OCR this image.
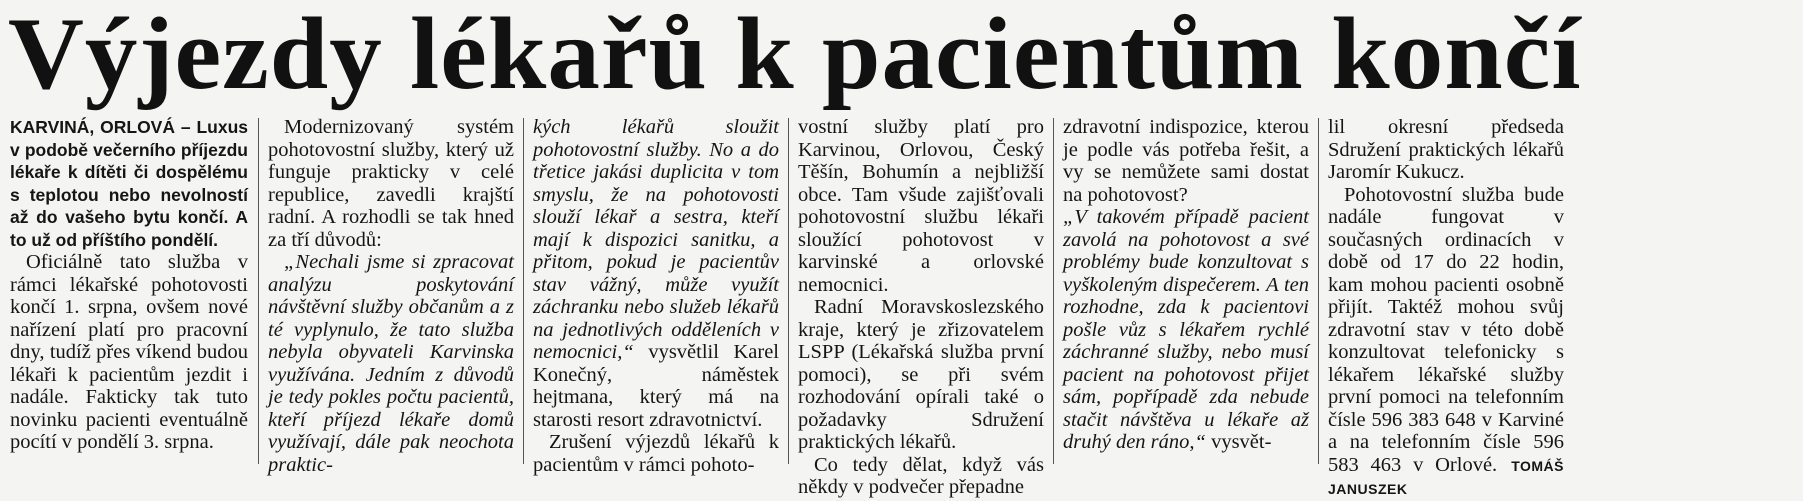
Výjezdy lékařů k pacientům končí

KARVINÁ, ORLOVÁ – Luxus v podobě večerního příjezdu lékaře k dítěti či dospělému s teplotou nebo nevolností až do vašeho bytu končí. A to už od příštího pondělí.

Oficiálně tato služba v rámci lékařské pohotovosti končí 1. srpna, ovšem nové nařízení platí pro pracovní dny, tudíž přes víkend budou lékaři k pacientům jezdit i nadále. Fakticky tak tuto novinku pacienti eventuálně pocítí v pondělí 3. srpna.

Modernizovaný systém pohotovostní služby, který už funguje prakticky v celé republice, zavedli krajští radní. A rozhodli se tak hned za tří důvodů:

„Nechali jsme si zpracovat analýzu poskytování návštěvní služby občanům a z té vyplynulo, že tato služba nebyla obyvateli Karvinska využívána. Jedním z důvodů je tedy pokles počtu pacientů, kteří příjezd lékaře domů využívají, dále pak neochota praktic-

kých lékařů sloužit pohotovostní služby. No a do třetice jakási duplicita v tom smyslu, že na pohotovosti slouží lékař a sestra, kteří mají k dispozici sanitku, a přitom, pokud je pacientův stav vážný, může využít záchranku nebo služeb lékařů na jednotlivých odděleních v nemocnici,“ vysvětlil Karel Konečný, náměstek hejtmana, který má na starosti resort zdravotnictví.

Zrušení výjezdů lékařů k pacientům v rámci pohoto-

vostní služby platí pro Karvinou, Orlovou, Český Těšín, Bohumín a nejbližší obce. Tam všude zajišťovali pohotovostní službu lékaři sloužící pohotovost v karvinské a orlovské nemocnici.

Radní Moravskoslezského kraje, který je zřizovatelem LSPP (Lékařská služba první pomoci), se při svém rozhodování opírali také o požadavky Sdružení praktických lékařů.

Co tedy dělat, když vás někdy v podvečer přepadne

zdravotní indispozice, kterou je podle vás potřeba řešit, a vy se nemůžete sami dostat na pohotovost?

„V takovém případě pacient zavolá na pohotovost a své problémy bude konzultovat s vyškoleným dispečerem. A ten rozhodne, zda k pacientovi pošle vůz s lékařem rychlé záchranné služby, nebo musí pacient na pohotovost přijet sám, popřípadě zda nebude stačit návštěva u lékaře až druhý den ráno,“ vysvět-

lil okresní předseda Sdružení praktických lékařů Jaromír Kukucz.

Pohotovostní služba bude nadále fungovat v současných ordinacích v době od 17 do 22 hodin, kam mohou pacienti osobně přijít. Taktéž mohou svůj zdravotní stav v této době konzultovat telefonicky s lékařem lékařské služby první pomoci na telefonním čísle 596 383 648 v Karviné a na telefonním čísle 596 583 463 v Orlové. TOMÁŠ JANUSZEK
